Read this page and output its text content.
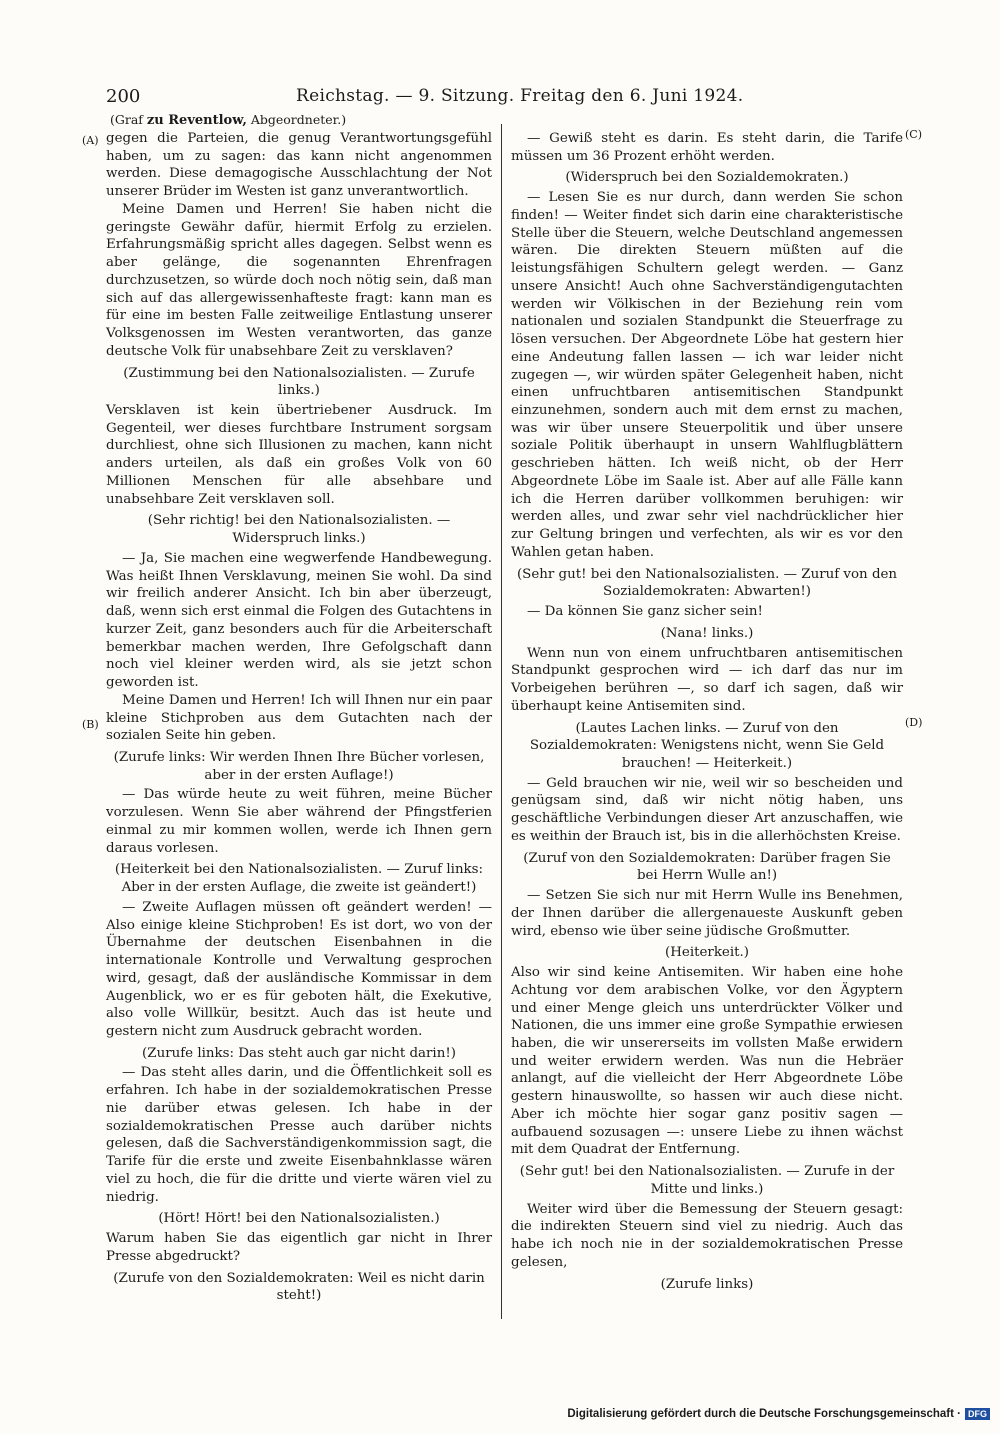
200	Reichstag. — 9. Sitzung. Freitag den 6. Juni 1924.
(Graf zu Reventlow, Abgeordneter.)
(A)
(B)
(C)
(D)

gegen die Parteien, die genug Verantwortungsgefühl haben, um zu sagen: das kann nicht angenommen werden. Diese demagogische Ausschlachtung der Not unserer Brüder im Westen ist ganz unverantwortlich.

Meine Damen und Herren! Sie haben nicht die geringste Gewähr dafür, hiermit Erfolg zu erzielen. Erfahrungsmäßig spricht alles dagegen. Selbst wenn es aber gelänge, die sogenannten Ehrenfragen durchzusetzen, so würde doch noch nötig sein, daß man sich auf das allergewissenhafteste fragt: kann man es für eine im besten Falle zeitweilige Entlastung unserer Volksgenossen im Westen verantworten, das ganze deutsche Volk für unabsehbare Zeit zu versklaven?

(Zustimmung bei den Nationalsozialisten. — Zurufe links.)

Versklaven ist kein übertriebener Ausdruck. Im Gegenteil, wer dieses furchtbare Instrument sorgsam durchliest, ohne sich Illusionen zu machen, kann nicht anders urteilen, als daß ein großes Volk von 60 Millionen Menschen für alle absehbare und unabsehbare Zeit versklaven soll.

(Sehr richtig! bei den Nationalsozialisten. — Widerspruch links.)

— Ja, Sie machen eine wegwerfende Handbewegung. Was heißt Ihnen Versklavung, meinen Sie wohl. Da sind wir freilich anderer Ansicht. Ich bin aber überzeugt, daß, wenn sich erst einmal die Folgen des Gutachtens in kurzer Zeit, ganz besonders auch für die Arbeiterschaft bemerkbar machen werden, Ihre Gefolgschaft dann noch viel kleiner werden wird, als sie jetzt schon geworden ist.

Meine Damen und Herren! Ich will Ihnen nur ein paar kleine Stichproben aus dem Gutachten nach der sozialen Seite hin geben.

(Zurufe links: Wir werden Ihnen Ihre Bücher vorlesen, aber in der ersten Auflage!)

— Das würde heute zu weit führen, meine Bücher vorzulesen. Wenn Sie aber während der Pfingstferien einmal zu mir kommen wollen, werde ich Ihnen gern daraus vorlesen.

(Heiterkeit bei den Nationalsozialisten. — Zuruf links: Aber in der ersten Auflage, die zweite ist geändert!)

— Zweite Auflagen müssen oft geändert werden! — Also einige kleine Stichproben! Es ist dort, wo von der Übernahme der deutschen Eisenbahnen in die internationale Kontrolle und Verwaltung gesprochen wird, gesagt, daß der ausländische Kommissar in dem Augenblick, wo er es für geboten hält, die Exekutive, also volle Willkür, besitzt. Auch das ist heute und gestern nicht zum Ausdruck gebracht worden.

(Zurufe links: Das steht auch gar nicht darin!)

— Das steht alles darin, und die Öffentlichkeit soll es erfahren. Ich habe in der sozialdemokratischen Presse nie darüber etwas gelesen. Ich habe in der sozialdemokratischen Presse auch darüber nichts gelesen, daß die Sachverständigenkommission sagt, die Tarife für die erste und zweite Eisenbahnklasse wären viel zu hoch, die für die dritte und vierte wären viel zu niedrig.

(Hört! Hört! bei den Nationalsozialisten.)

Warum haben Sie das eigentlich gar nicht in Ihrer Presse abgedruckt?

(Zurufe von den Sozialdemokraten: Weil es nicht darin steht!)

— Gewiß steht es darin. Es steht darin, die Tarife müssen um 36 Prozent erhöht werden.

(Widerspruch bei den Sozialdemokraten.)

— Lesen Sie es nur durch, dann werden Sie schon finden! — Weiter findet sich darin eine charakteristische Stelle über die Steuern, welche Deutschland angemessen wären. Die direkten Steuern müßten auf die leistungsfähigen Schultern gelegt werden. — Ganz unsere Ansicht! Auch ohne Sachverständigengutachten werden wir Völkischen in der Beziehung rein vom nationalen und sozialen Standpunkt die Steuerfrage zu lösen versuchen. Der Abgeordnete Löbe hat gestern hier eine Andeutung fallen lassen — ich war leider nicht zugegen —, wir würden später Gelegenheit haben, nicht einen unfruchtbaren antisemitischen Standpunkt einzunehmen, sondern auch mit dem ernst zu machen, was wir über unsere Steuerpolitik und über unsere soziale Politik überhaupt in unsern Wahlflugblättern geschrieben hätten. Ich weiß nicht, ob der Herr Abgeordnete Löbe im Saale ist. Aber auf alle Fälle kann ich die Herren darüber vollkommen beruhigen: wir werden alles, und zwar sehr viel nachdrücklicher hier zur Geltung bringen und verfechten, als wir es vor den Wahlen getan haben.

(Sehr gut! bei den Nationalsozialisten. — Zuruf von den Sozialdemokraten: Abwarten!)

— Da können Sie ganz sicher sein!

(Nana! links.)

Wenn nun von einem unfruchtbaren antisemitischen Standpunkt gesprochen wird — ich darf das nur im Vorbeigehen berühren —, so darf ich sagen, daß wir überhaupt keine Antisemiten sind.

(Lautes Lachen links. — Zuruf von den Sozialdemokraten: Wenigstens nicht, wenn Sie Geld brauchen! — Heiterkeit.)

— Geld brauchen wir nie, weil wir so bescheiden und genügsam sind, daß wir nicht nötig haben, uns geschäftliche Verbindungen dieser Art anzuschaffen, wie es weithin der Brauch ist, bis in die allerhöchsten Kreise.

(Zuruf von den Sozialdemokraten: Darüber fragen Sie bei Herrn Wulle an!)

— Setzen Sie sich nur mit Herrn Wulle ins Benehmen, der Ihnen darüber die allergenaueste Auskunft geben wird, ebenso wie über seine jüdische Großmutter.

(Heiterkeit.)

Also wir sind keine Antisemiten. Wir haben eine hohe Achtung vor dem arabischen Volke, vor den Ägyptern und einer Menge gleich uns unterdrückter Völker und Nationen, die uns immer eine große Sympathie erwiesen haben, die wir unsererseits im vollsten Maße erwidern und weiter erwidern werden. Was nun die Hebräer anlangt, auf die vielleicht der Herr Abgeordnete Löbe gestern hinauswollte, so hassen wir auch diese nicht. Aber ich möchte hier sogar ganz positiv sagen — aufbauend sozusagen —: unsere Liebe zu ihnen wächst mit dem Quadrat der Entfernung.

(Sehr gut! bei den Nationalsozialisten. — Zurufe in der Mitte und links.)

Weiter wird über die Bemessung der Steuern gesagt: die indirekten Steuern sind viel zu niedrig. Auch das habe ich noch nie in der sozialdemokratischen Presse gelesen,

(Zurufe links)

Digitalisierung gefördert durch die Deutsche Forschungsgemeinschaft · DFG
